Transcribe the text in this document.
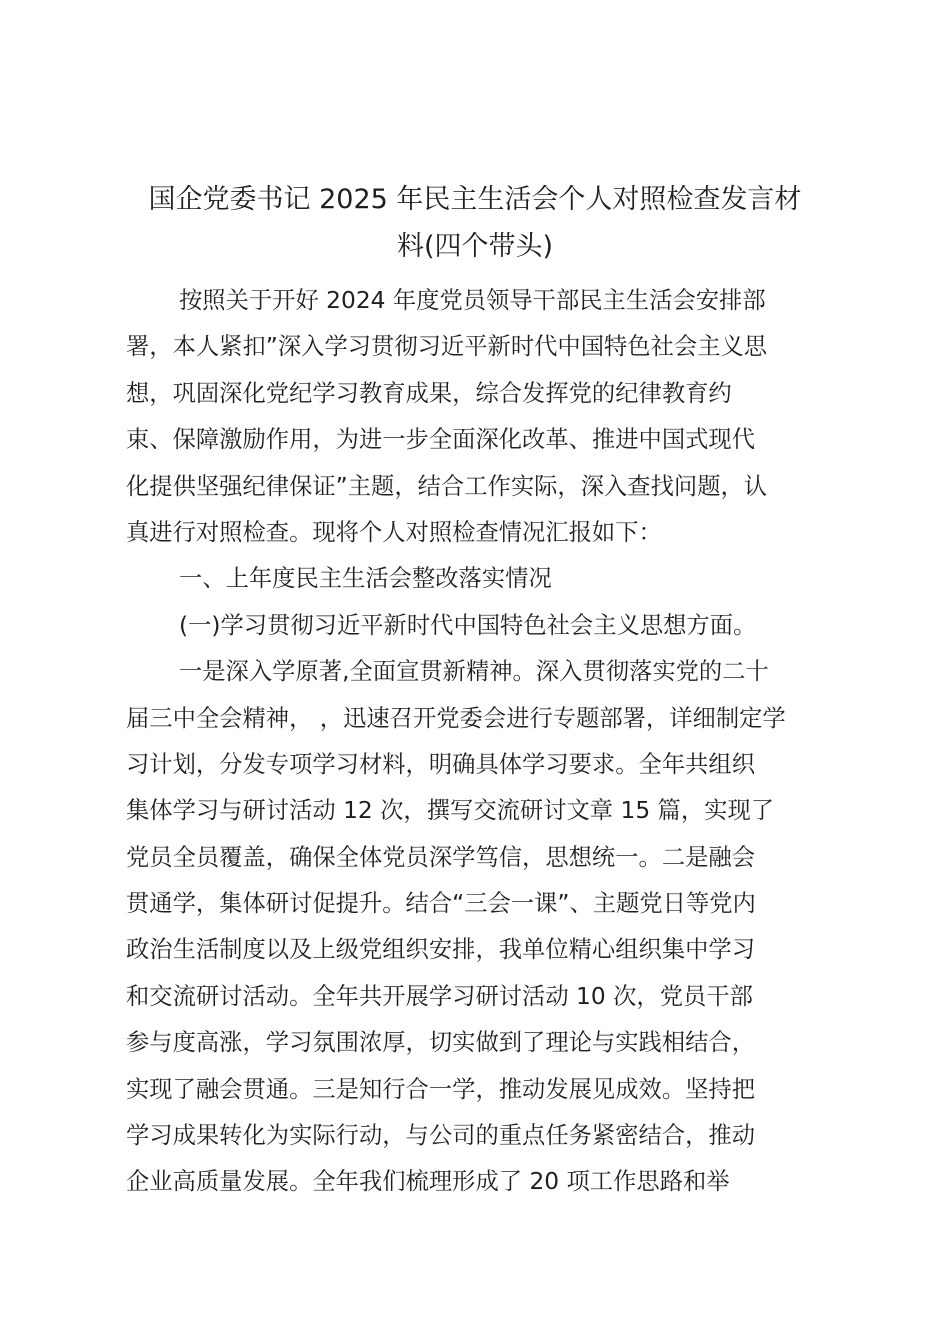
国企党委书记 2025 年民主生活会个人对照检查发言材
料(四个带头)
按照关于开好 2024 年度党员领导干部民主生活会安排部
署，本人紧扣”深入学习贯彻习近平新时代中国特色社会主义思
想，巩固深化党纪学习教育成果，综合发挥党的纪律教育约
束、保障激励作用，为进一步全面深化改革、推进中国式现代
化提供坚强纪律保证”主题，结合工作实际，深入查找问题，认
真进行对照检查。现将个人对照检查情况汇报如下：
一、上年度民主生活会整改落实情况
(一)学习贯彻习近平新时代中国特色社会主义思想方面。
一是深入学原著,全面宣贯新精神。深入贯彻落实党的二十
届三中全会精神， ，迅速召开党委会进行专题部署，详细制定学
习计划，分发专项学习材料，明确具体学习要求。全年共组织
集体学习与研讨活动 12 次，撰写交流研讨文章 15 篇，实现了
党员全员覆盖，确保全体党员深学笃信，思想统一。二是融会
贯通学，集体研讨促提升。结合“三会一课”、主题党日等党内
政治生活制度以及上级党组织安排，我单位精心组织集中学习
和交流研讨活动。全年共开展学习研讨活动 10 次，党员干部
参与度高涨，学习氛围浓厚，切实做到了理论与实践相结合，
实现了融会贯通。三是知行合一学，推动发展见成效。坚持把
学习成果转化为实际行动，与公司的重点任务紧密结合，推动
企业高质量发展。全年我们梳理形成了 20 项工作思路和举
